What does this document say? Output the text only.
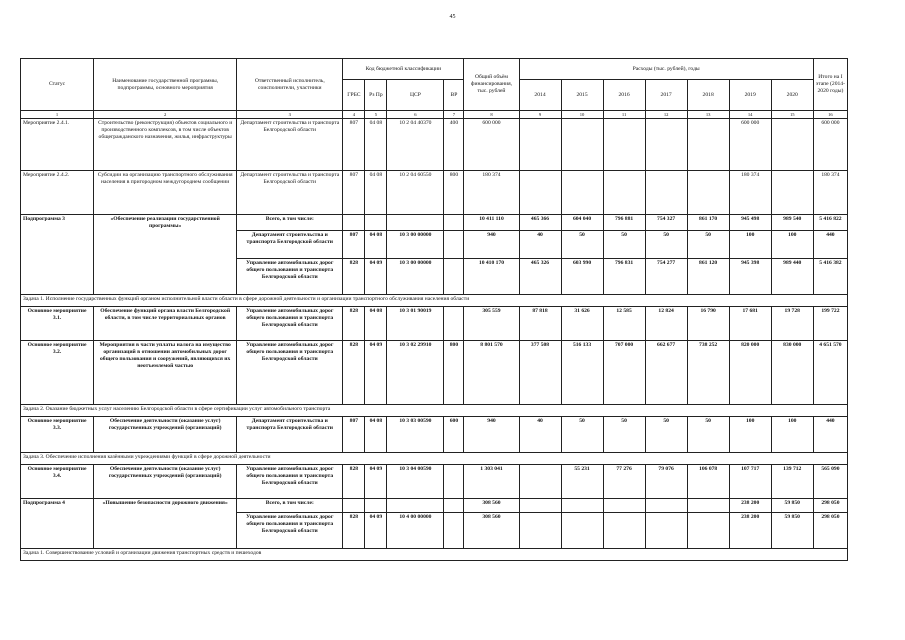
45
Статус	Наименование государственной программы, подпрограммы, основного мероприятия	Ответственный исполнитель, соисполнители, участники	Код бюджетной классификации				Общий объём финансирования, тыс. рублей	Расходы (тыс. рублей), годы							Итого на I этапе (2014-2020 годы)
			ГРБС	Рз Пр	ЦСР	ВР		2014	2015	2016	2017	2018	2019	2020	
1	2	3	4	5	6	7	8	9	10	11	12	13	14	15	16
Мероприятие 2.4.1.	Строительство (реконструкция) объектов социального и производственного комплексов, в том числе объектов общегражданского назначения, жилья, инфраструктуры	Департамент строительства и транспорта Белгородской области	807	04 08	10 2 04 40370	400	600 000						600 000		600 000
Мероприятие 2.4.2.	Субсидии на организацию транспортного обслуживания населения в пригородном междугороднем сообщении	Департамент строительства и транспорта Белгородской области	807	04 08	10 2 04 60550	800	180 374						180 374		180 374
Подпрограмма 3	«Обеспечение реализации государственной программы»	Всего, в том числе:					10 411 110	465 366	604 040	796 881	754 327	861 170	945 498	989 540	5 416 822
		Департамент строительства и транспорта Белгородской области	807	04 08	10 3 00 00000		940	40	50	50	50	50	100	100	440
		Управление автомобильных дорог общего пользования и транспорта Белгородской области	828	04 09	10 3 00 00000		10 410 170	465 326	603 990	796 831	754 277	861 120	945 398	989 440	5 416 382
Задача 1. Исполнение государственных функций органом исполнительной власти области в сфере дорожной деятельности и организации транспортного обслуживания населения области															
Основное мероприятие 3.1.	Обеспечение функций органа власти Белгородской области, в том числе территориальных органов	Управление автомобильных дорог общего пользования и транспорта Белгородской области	828	04 08	10 3 01 90019		305 559	87 818	31 626	12 585	12 824	16 790	17 681	19 728	199 722
Основное мероприятие 3.2.	Мероприятия в части уплаты налога на имущество организаций в отношении автомобильных дорог общего пользования и сооружений, являющихся их неотъемлемой частью	Управление автомобильных дорог общего пользования и транспорта Белгородской области	828	04 09	10 3 02 29910	800	8 801 570	377 508	516 133	707 000	662 677	738 252	820 000	830 000	4 651 570
Задача 2. Оказание бюджетных услуг населению Белгородской области в сфере сертификации услуг автомобильного транспорта															
Основное мероприятие 3.3.	Обеспечение деятельности (оказание услуг) государственных учреждений (организаций)	Департамент строительства и транспорта Белгородской области	807	04 08	10 3 03 00590	600	940	40	50	50	50	50	100	100	440
Задача 3. Обеспечение исполнения казёнными учреждениями функций в сфере дорожной деятельности															
Основное мероприятие 3.4.	Обеспечение деятельности (оказание услуг) государственных учреждений (организаций)	Управление автомобильных дорог общего пользования и транспорта Белгородской области	828	04 09	10 3 04 00590		1 303 041		55 231	77 276	79 076	106 078	107 717	139 712	565 090
Подпрограмма 4	«Повышение безопасности дорожного движения»	Всего, в том числе:					308 560						238 200	59 850	298 050
		Управление автомобильных дорог общего пользования и транспорта Белгородской области	828	04 09	10 4 00 00000		308 560						238 200	59 850	298 050
Задача 1. Совершенствование условий и организации движения транспортных средств и пешеходов															
